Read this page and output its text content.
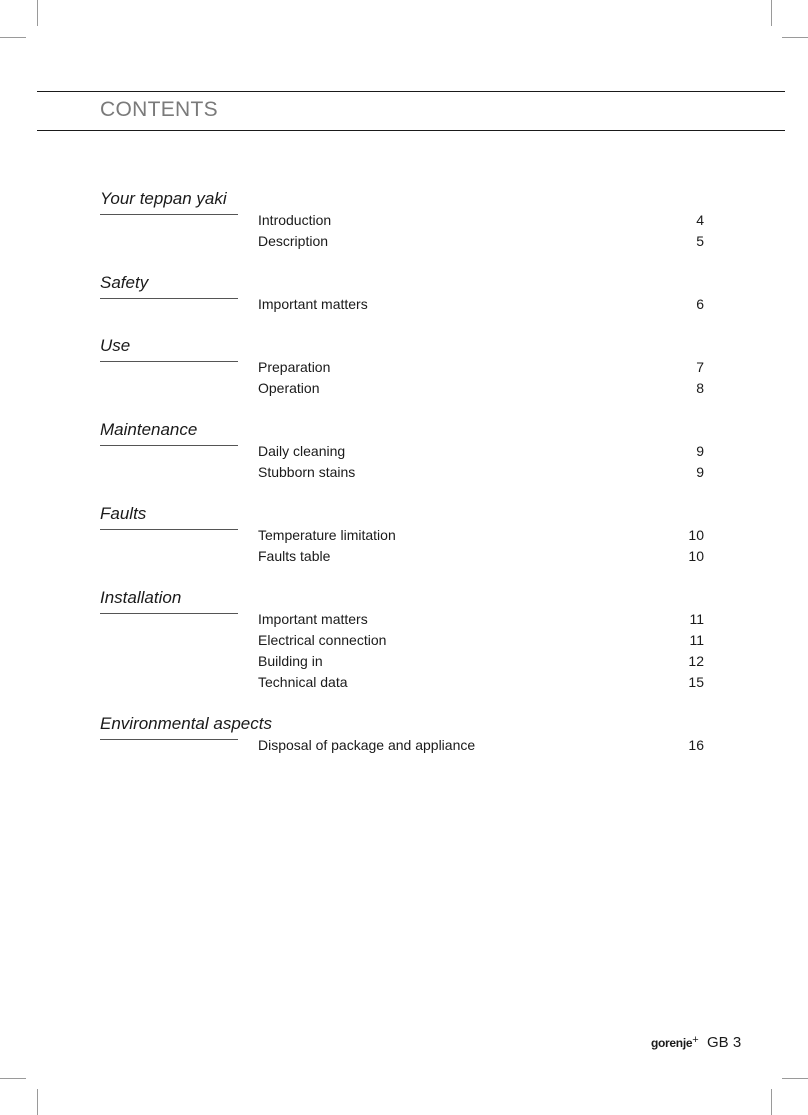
CONTENTS
Your teppan yaki
Introduction	4
Description	5
Safety
Important matters	6
Use
Preparation	7
Operation	8
Maintenance
Daily cleaning	9
Stubborn stains	9
Faults
Temperature limitation	10
Faults table	10
Installation
Important matters	11
Electrical connection	11
Building in	12
Technical data	15
Environmental aspects
Disposal of package and appliance	16
gorenje+ GB 3
